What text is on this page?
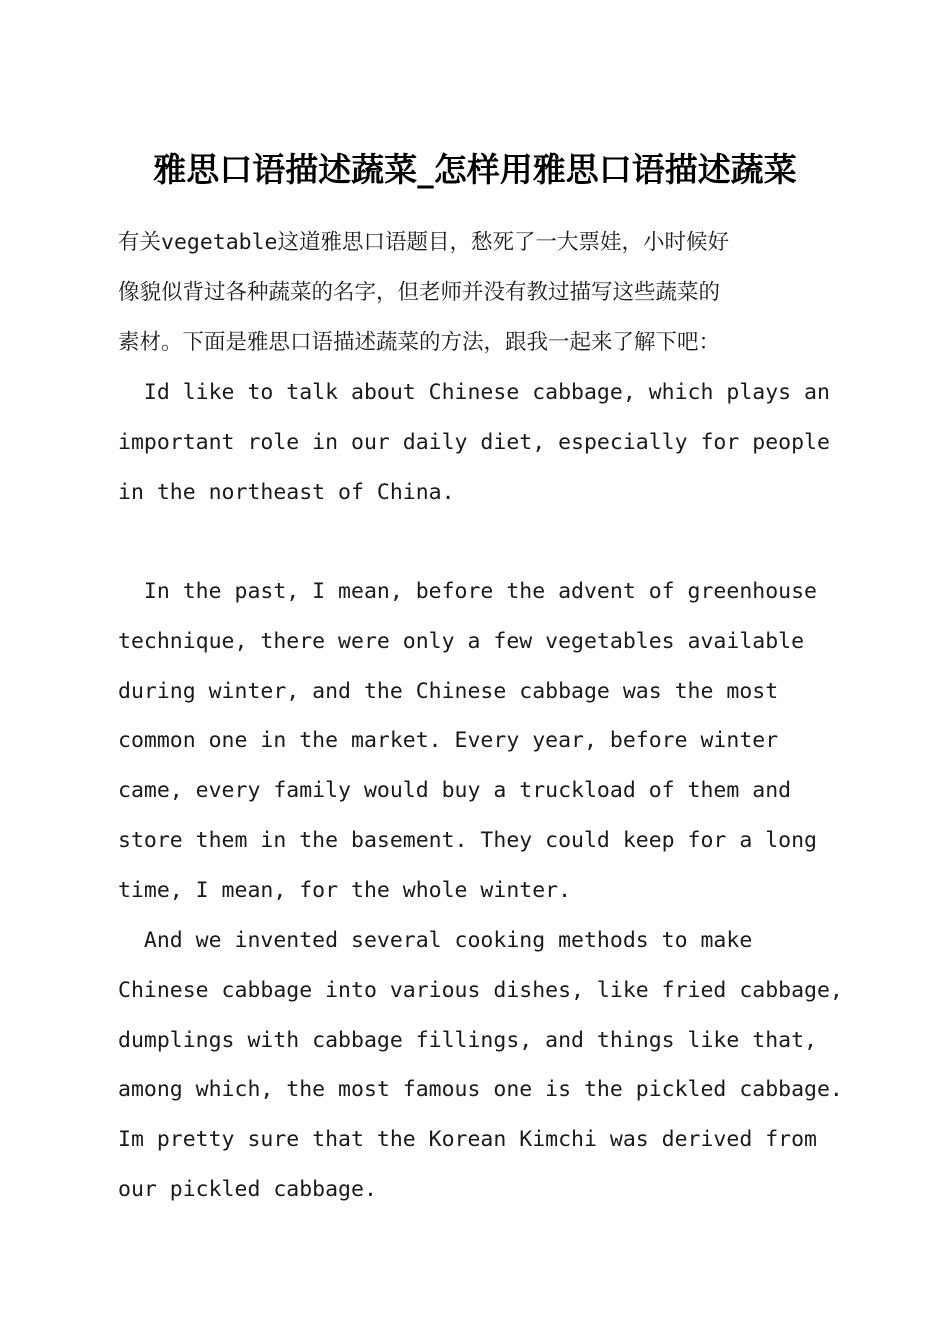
雅思口语描述蔬菜_怎样用雅思口语描述蔬菜
有关vegetable这道雅思口语题目，愁死了一大票娃，小时候好
像貌似背过各种蔬菜的名字，但老师并没有教过描写这些蔬菜的
素材。下面是雅思口语描述蔬菜的方法，跟我一起来了解下吧：
Id like to talk about Chinese cabbage, which plays an
important role in our daily diet, especially for people
in the northeast of China.
In the past, I mean, before the advent of greenhouse
technique, there were only a few vegetables available
during winter, and the Chinese cabbage was the most
common one in the market. Every year, before winter
came, every family would buy a truckload of them and
store them in the basement. They could keep for a long
time, I mean, for the whole winter.
And we invented several cooking methods to make
Chinese cabbage into various dishes, like fried cabbage,
dumplings with cabbage fillings, and things like that,
among which, the most famous one is the pickled cabbage.
Im pretty sure that the Korean Kimchi was derived from
our pickled cabbage.
